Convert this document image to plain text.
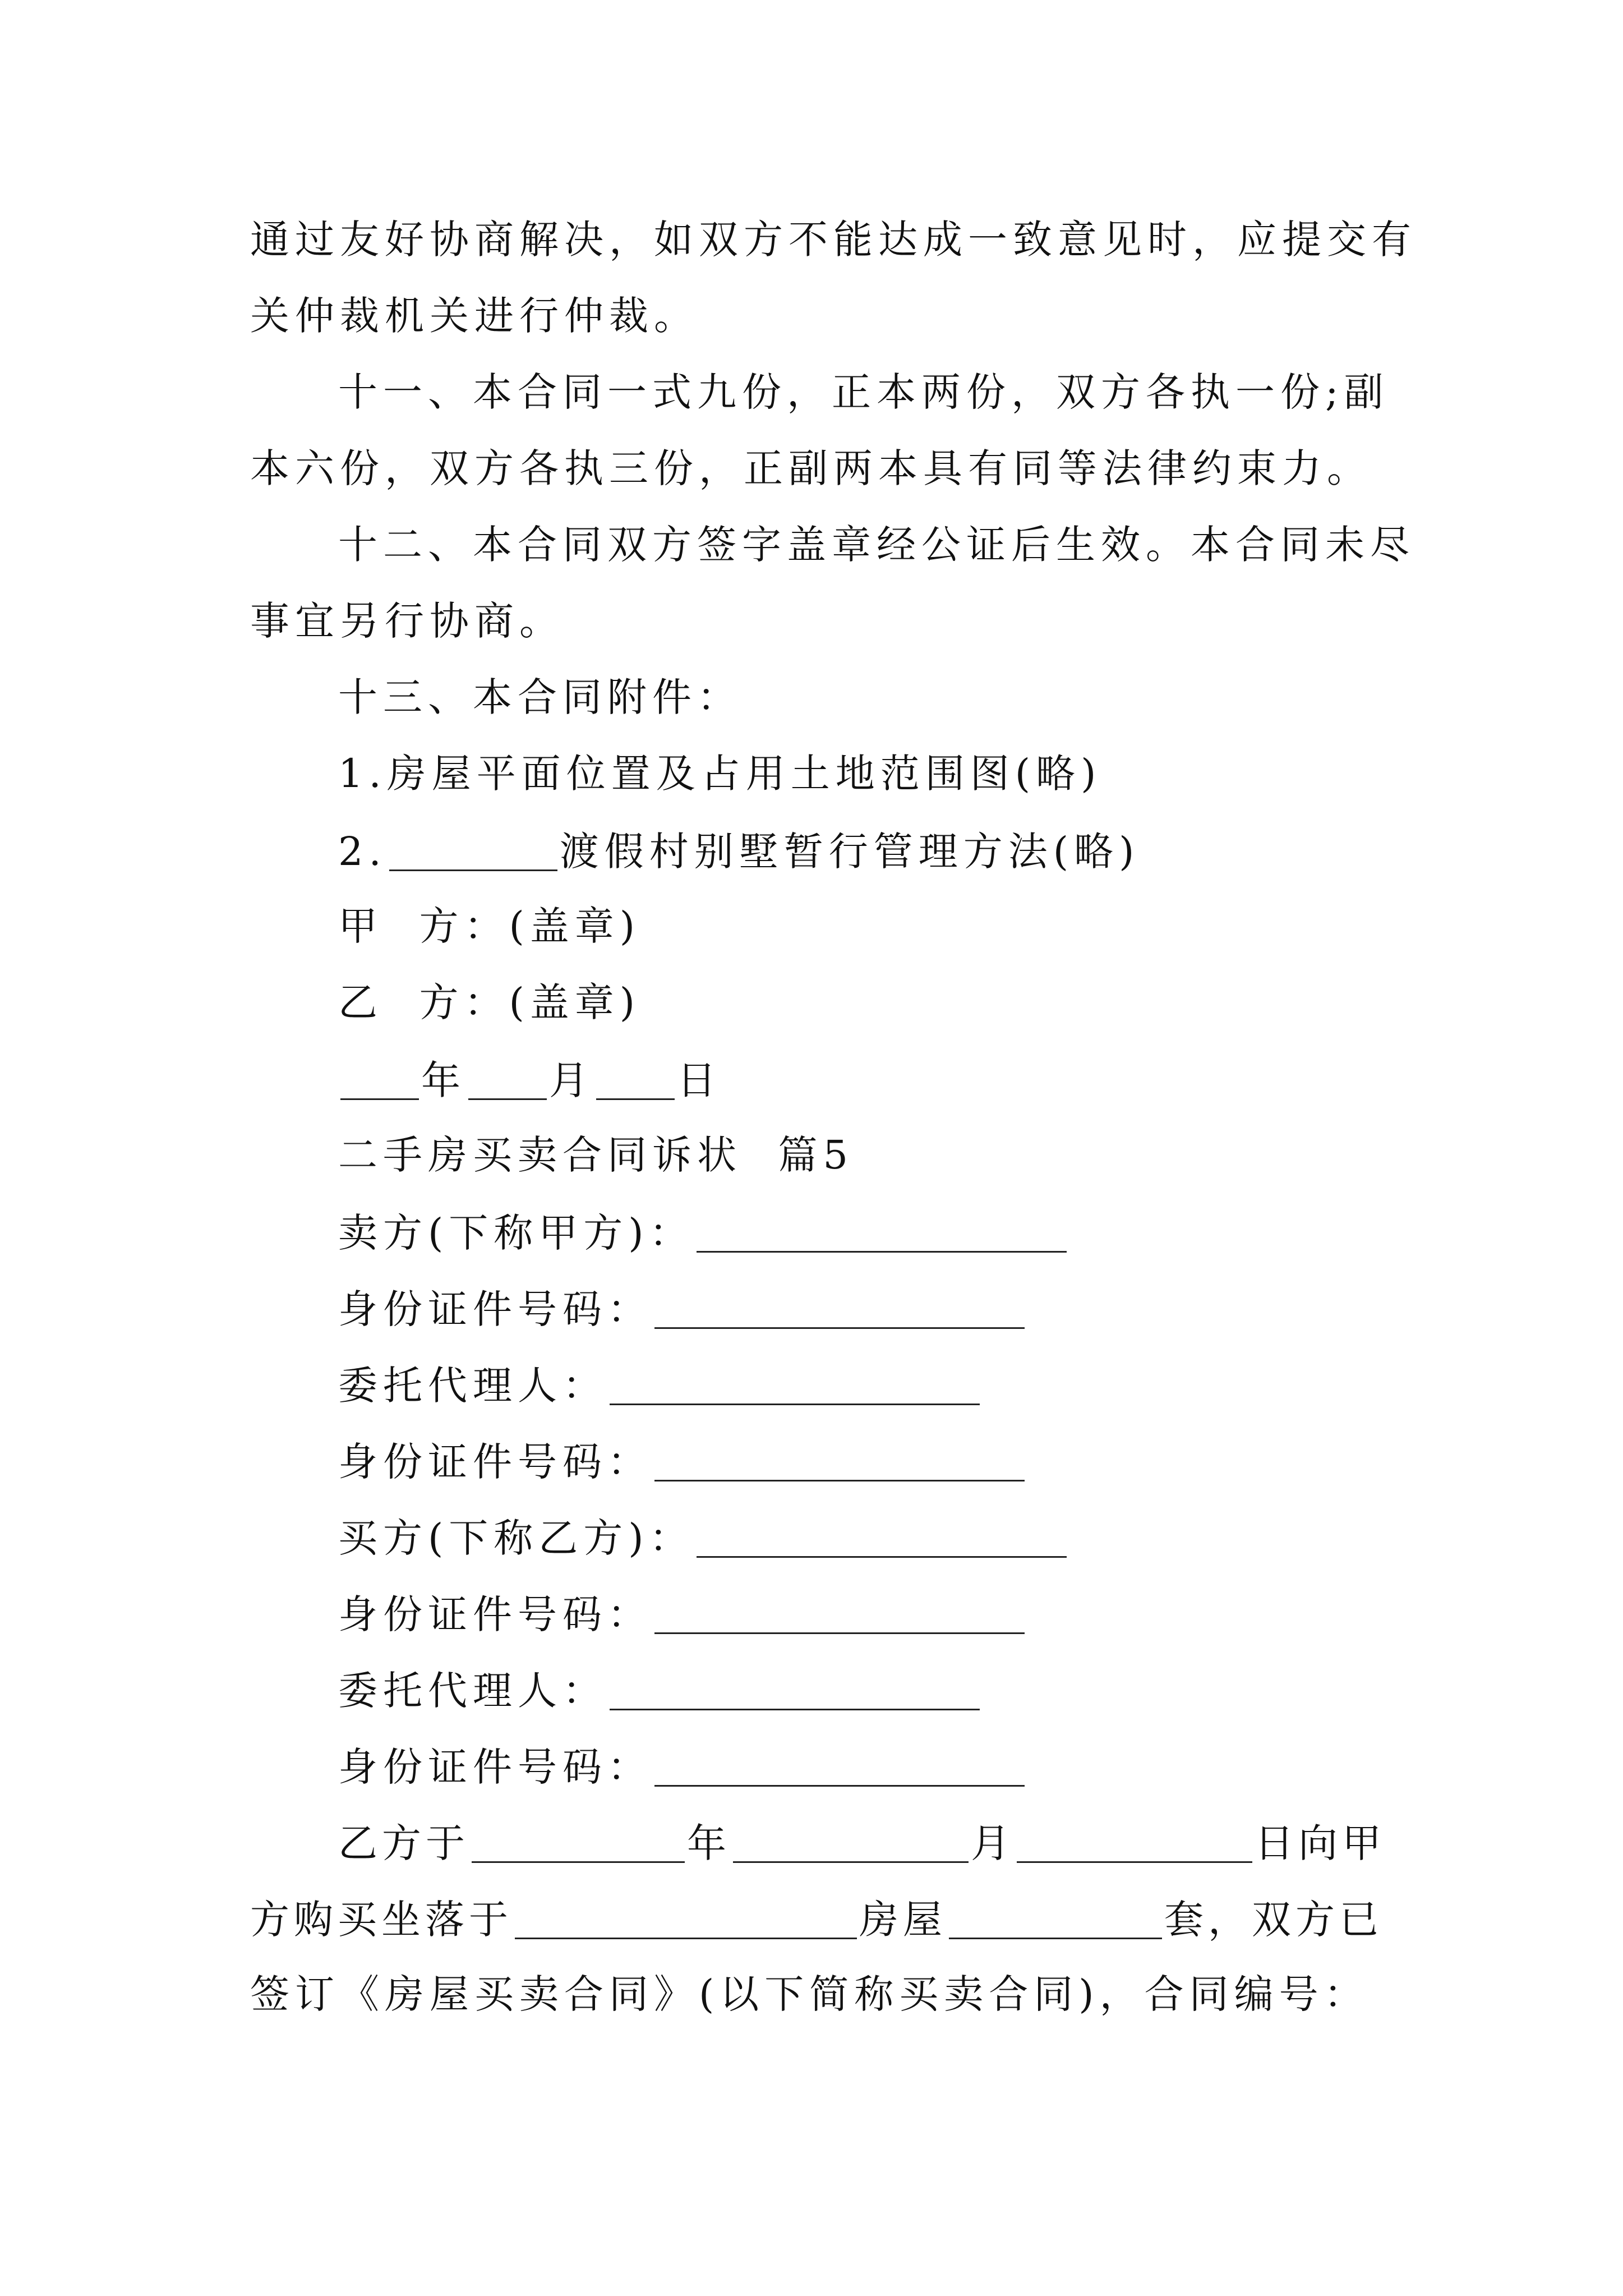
通过友好协商解决，如双方不能达成一致意见时，应提交有
关仲裁机关进行仲裁。
十一、本合同一式九份，正本两份，双方各执一份;副
本六份，双方各执三份，正副两本具有同等法律约束力。
十二、本合同双方签字盖章经公证后生效。本合同未尽
事宜另行协商。
十三、本合同附件：
1.房屋平面位置及占用土地范围图(略)
2.	渡假村别墅暂行管理方法(略)
甲  方：(盖章)
乙  方：(盖章)
年 月 日
二手房买卖合同诉状  篇5
卖方(下称甲方)：
身份证件号码：
委托代理人：
身份证件号码：
买方(下称乙方)：
身份证件号码：
委托代理人：
身份证件号码：
乙方于	年	月	日向甲
方购买坐落于	房屋	套，双方已
签订《房屋买卖合同》(以下简称买卖合同)，合同编号：
